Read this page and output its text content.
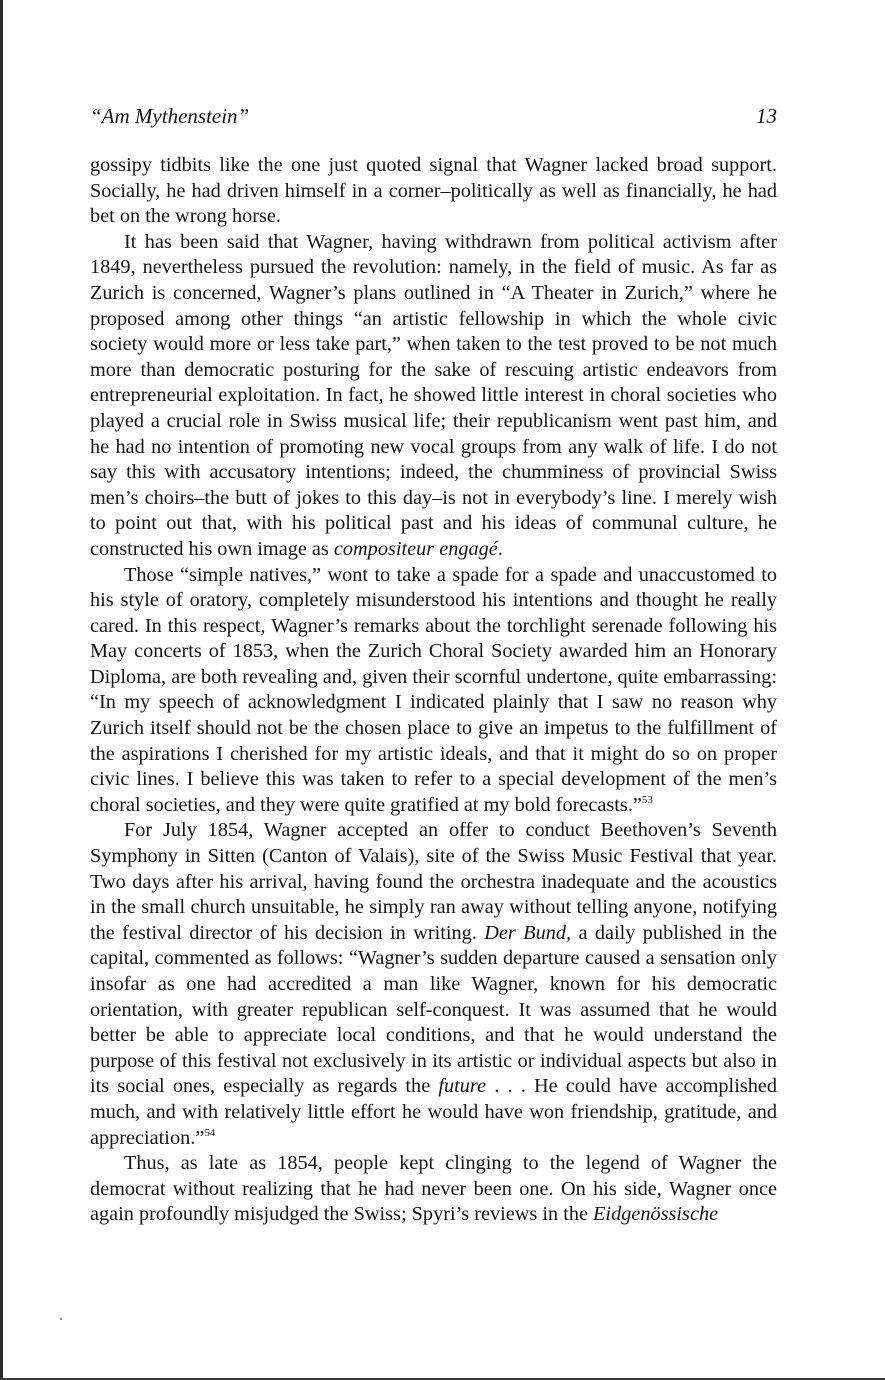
“Am Mythenstein”	13

gossipy tidbits like the one just quoted signal that Wagner lacked broad support. Socially, he had driven himself in a corner–politically as well as financially, he had bet on the wrong horse.

It has been said that Wagner, having withdrawn from political activism after 1849, nevertheless pursued the revolution: namely, in the field of music. As far as Zurich is concerned, Wagner’s plans outlined in “A Theater in Zurich,” where he proposed among other things “an artistic fellowship in which the whole civic society would more or less take part,” when taken to the test proved to be not much more than democratic posturing for the sake of rescuing artistic endeavors from entrepreneurial exploitation. In fact, he showed little interest in choral societies who played a crucial role in Swiss musical life; their republicanism went past him, and he had no intention of promoting new vocal groups from any walk of life. I do not say this with accusatory intentions; indeed, the chumminess of provincial Swiss men’s choirs–the butt of jokes to this day–is not in everybody’s line. I merely wish to point out that, with his political past and his ideas of communal culture, he constructed his own image as compositeur engagé.

Those “simple natives,” wont to take a spade for a spade and unaccustomed to his style of oratory, completely misunderstood his intentions and thought he really cared. In this respect, Wagner’s remarks about the torchlight serenade following his May concerts of 1853, when the Zurich Choral Society awarded him an Honorary Diploma, are both revealing and, given their scornful undertone, quite embarrassing: “In my speech of acknowledgment I indicated plainly that I saw no reason why Zurich itself should not be the chosen place to give an impetus to the fulfillment of the aspirations I cherished for my artistic ideals, and that it might do so on proper civic lines. I believe this was taken to refer to a special development of the men’s choral societies, and they were quite gratified at my bold forecasts.”$^{53}$

For July 1854, Wagner accepted an offer to conduct Beethoven’s Seventh Symphony in Sitten (Canton of Valais), site of the Swiss Music Festival that year. Two days after his arrival, having found the orchestra inadequate and the acoustics in the small church unsuitable, he simply ran away without telling anyone, notifying the festival director of his decision in writing. Der Bund, a daily published in the capital, commented as follows: “Wagner’s sudden departure caused a sensation only insofar as one had accredited a man like Wagner, known for his democratic orientation, with greater republican self-conquest. It was assumed that he would better be able to appreciate local conditions, and that he would understand the purpose of this festival not exclusively in its artistic or individual aspects but also in its social ones, especially as regards the future . . . He could have accomplished much, and with relatively little effort he would have won friendship, gratitude, and appreciation.”$^{54}$

Thus, as late as 1854, people kept clinging to the legend of Wagner the democrat without realizing that he had never been one. On his side, Wagner once again profoundly misjudged the Swiss; Spyri’s reviews in the Eidgenössische
